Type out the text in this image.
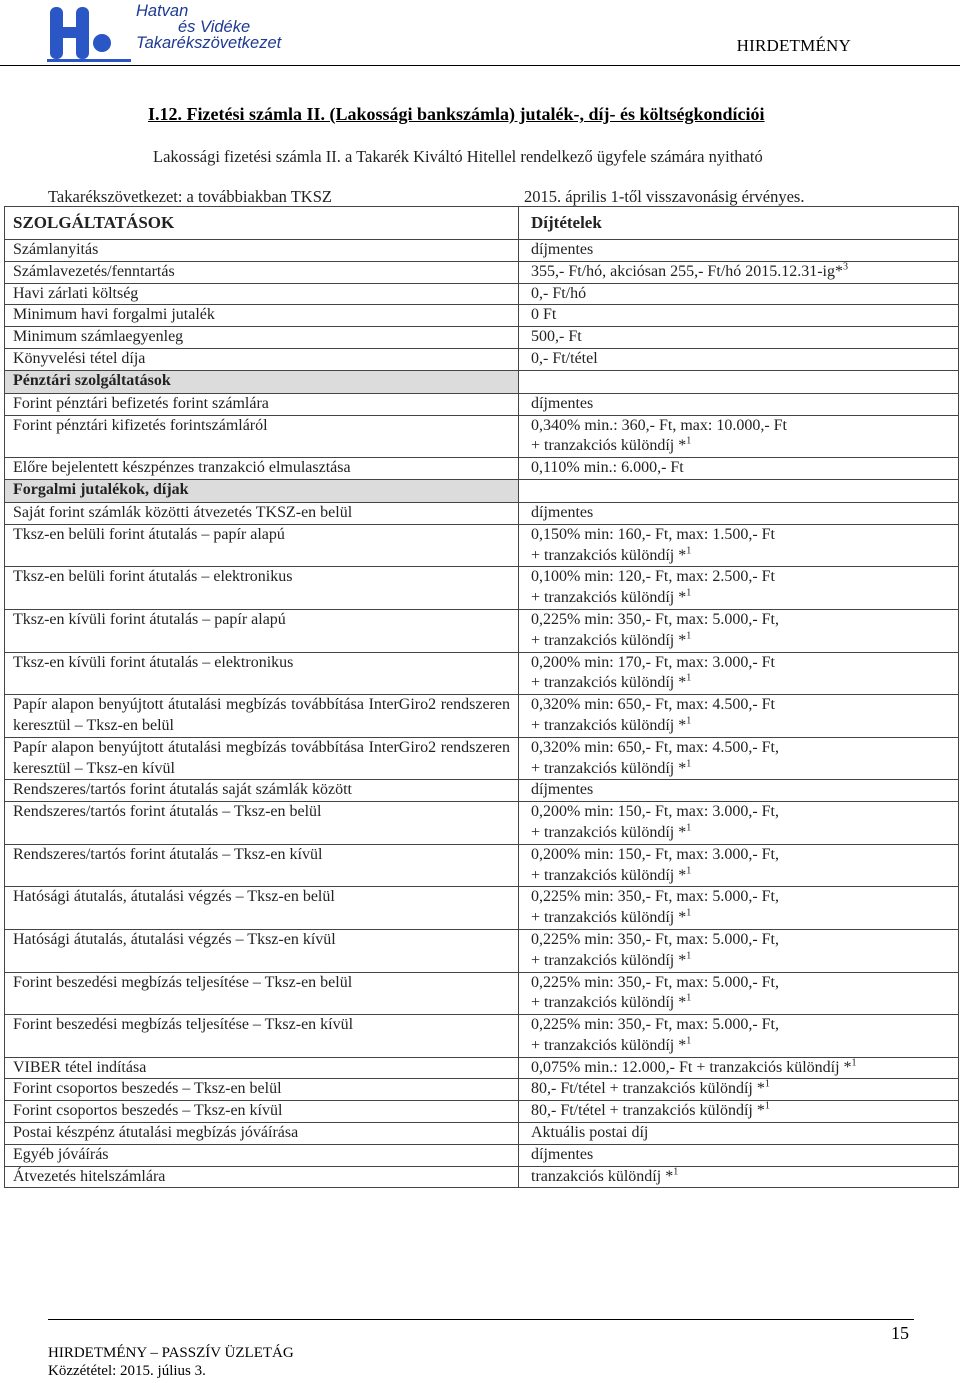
Hatvan
és Vidéke
Takarékszövetkezet	HIRDETMÉNY
I.12. Fizetési számla II. (Lakossági bankszámla) jutalék-, díj- és költségkondíciói
Lakossági fizetési számla II. a Takarék Kiváltó Hitellel rendelkező ügyfele számára nyitható
Takarékszövetkezet: a továbbiakban TKSZ	2015. április 1-től visszavonásig érvényes.
SZOLGÁLTATÁSOK	Díjtételek

Számlanyitás	díjmentes

Számlavezetés/fenntartás	355,- Ft/hó, akciósan 255,- Ft/hó 2015.12.31-ig*$^3$

Havi zárlati költség	0,- Ft/hó

Minimum havi forgalmi jutalék	0 Ft

Minimum számlaegyenleg	500,- Ft

Könyvelési tétel díja	0,- Ft/tétel

Pénztári szolgáltatások	

Forint pénztári befizetés forint számlára	díjmentes

Forint pénztári kifizetés forintszámláról	0,340% min.: 360,- Ft, max: 10.000,- Ft
+ tranzakciós különdíj *$^1$

Előre bejelentett készpénzes tranzakció elmulasztása	0,110% min.: 6.000,- Ft

Forgalmi jutalékok, díjak	

Saját forint számlák közötti átvezetés TKSZ-en belül	díjmentes

Tksz-en belüli forint átutalás – papír alapú	0,150% min: 160,- Ft, max: 1.500,- Ft
+ tranzakciós különdíj *$^1$

Tksz-en belüli forint átutalás – elektronikus	0,100% min: 120,- Ft, max: 2.500,- Ft
+ tranzakciós különdíj *$^1$

Tksz-en kívüli forint átutalás – papír alapú	0,225% min: 350,- Ft, max: 5.000,- Ft,
+ tranzakciós különdíj *$^1$

Tksz-en kívüli forint átutalás – elektronikus	0,200% min: 170,- Ft, max: 3.000,- Ft
+ tranzakciós különdíj *$^1$

Papír alapon benyújtott átutalási megbízás továbbítása InterGiro2 rendszeren keresztül – Tksz-en belül	0,320% min: 650,- Ft, max: 4.500,- Ft
+ tranzakciós különdíj *$^1$

Papír alapon benyújtott átutalási megbízás továbbítása InterGiro2 rendszeren keresztül – Tksz-en kívül	0,320% min: 650,- Ft, max: 4.500,- Ft,
+ tranzakciós különdíj *$^1$

Rendszeres/tartós forint átutalás saját számlák között	díjmentes

Rendszeres/tartós forint átutalás – Tksz-en belül	0,200% min: 150,- Ft, max: 3.000,- Ft,
+ tranzakciós különdíj *$^1$

Rendszeres/tartós forint átutalás – Tksz-en kívül	0,200% min: 150,- Ft, max: 3.000,- Ft,
+ tranzakciós különdíj *$^1$

Hatósági átutalás, átutalási végzés – Tksz-en belül	0,225% min: 350,- Ft, max: 5.000,- Ft,
+ tranzakciós különdíj *$^1$

Hatósági átutalás, átutalási végzés – Tksz-en kívül	0,225% min: 350,- Ft, max: 5.000,- Ft,
+ tranzakciós különdíj *$^1$

Forint beszedési megbízás teljesítése – Tksz-en belül	0,225% min: 350,- Ft, max: 5.000,- Ft,
+ tranzakciós különdíj *$^1$

Forint beszedési megbízás teljesítése – Tksz-en kívül	0,225% min: 350,- Ft, max: 5.000,- Ft,
+ tranzakciós különdíj *$^1$

VIBER tétel indítása	0,075% min.: 12.000,- Ft + tranzakciós különdíj *$^1$

Forint csoportos beszedés – Tksz-en belül	80,- Ft/tétel + tranzakciós különdíj *$^1$

Forint csoportos beszedés – Tksz-en kívül	80,- Ft/tétel + tranzakciós különdíj *$^1$

Postai készpénz átutalási megbízás jóváírása	Aktuális postai díj

Egyéb jóváírás	díjmentes

Átvezetés hitelszámlára	tranzakciós különdíj *$^1$
15
HIRDETMÉNY – PASSZÍV ÜZLETÁG
Közzététel: 2015. július 3.
